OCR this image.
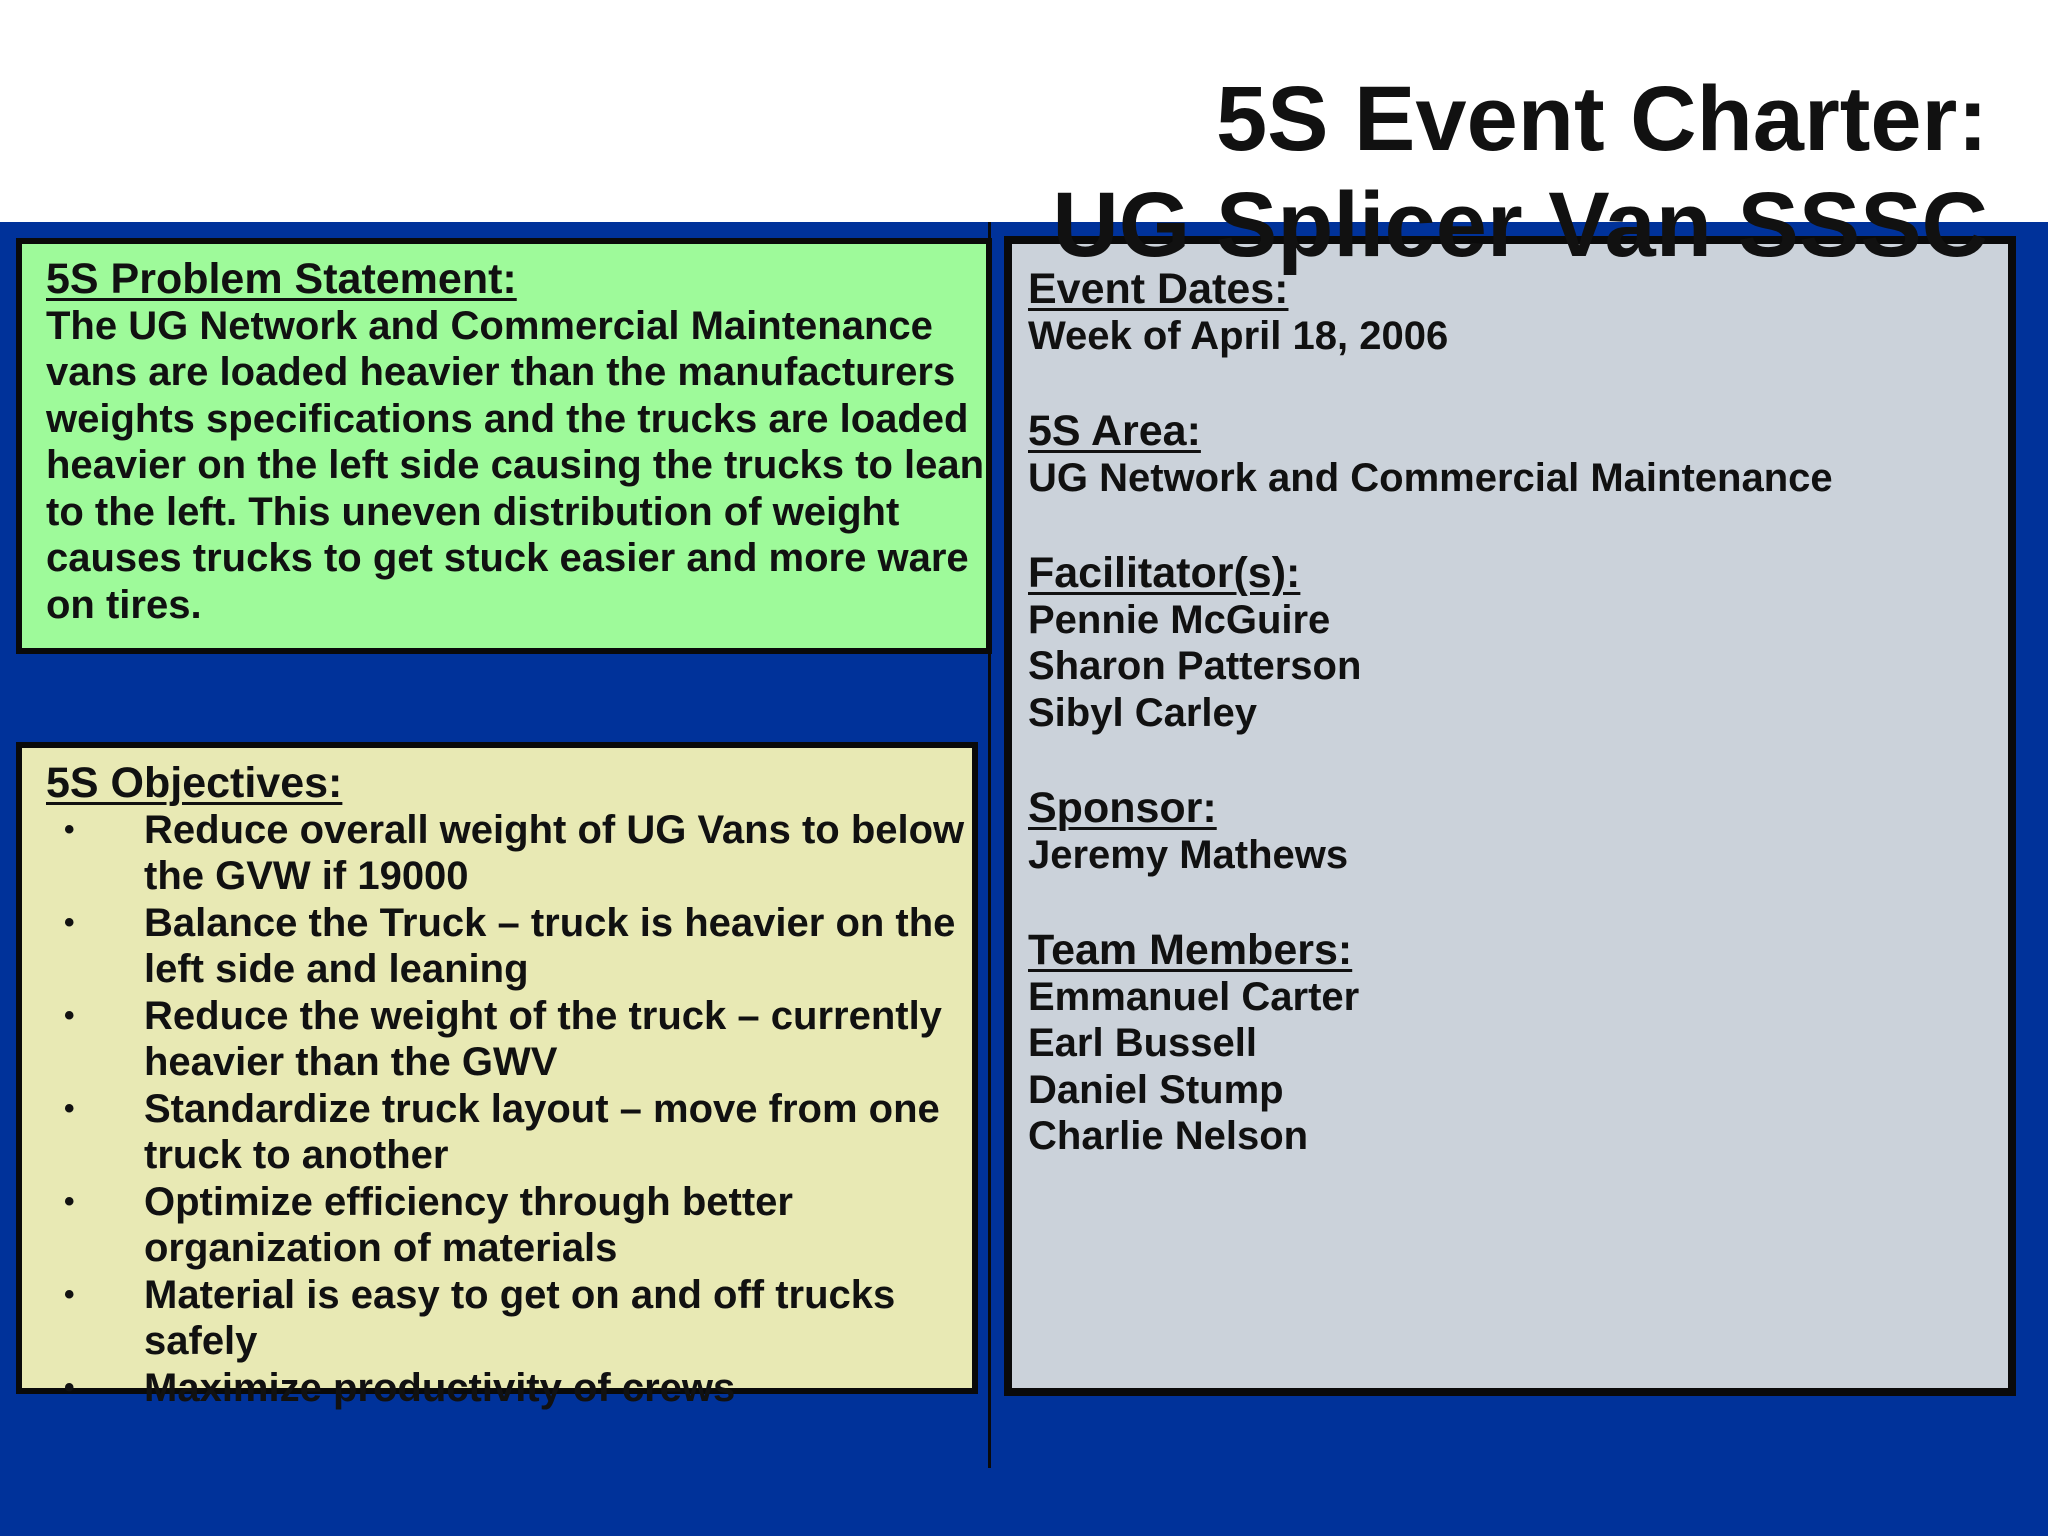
5S Event Charter:
UG Splicer Van SSSC
5S Problem Statement:
The UG Network and Commercial Maintenance vans are loaded heavier than the manufacturers weights specifications and the trucks are loaded heavier on the left side causing the trucks to lean to the left. This uneven distribution of weight causes trucks to get stuck easier and more ware on tires.
5S Objectives:
• Reduce overall weight of UG Vans to below the GVW if 19000
• Balance the Truck – truck is heavier on the left side and leaning
• Reduce the weight of the truck – currently heavier than the GWV
• Standardize truck layout – move from one truck to another
• Optimize efficiency through better organization of materials
• Material is easy to get on and off trucks safely
• Maximize productivity of crews
Event Dates:
Week of April 18, 2006
5S Area:
UG Network and Commercial Maintenance
Facilitator(s):
Pennie McGuire
Sharon Patterson
Sibyl Carley
Sponsor:
Jeremy Mathews
Team Members:
Emmanuel Carter
Earl Bussell
Daniel Stump
Charlie Nelson
